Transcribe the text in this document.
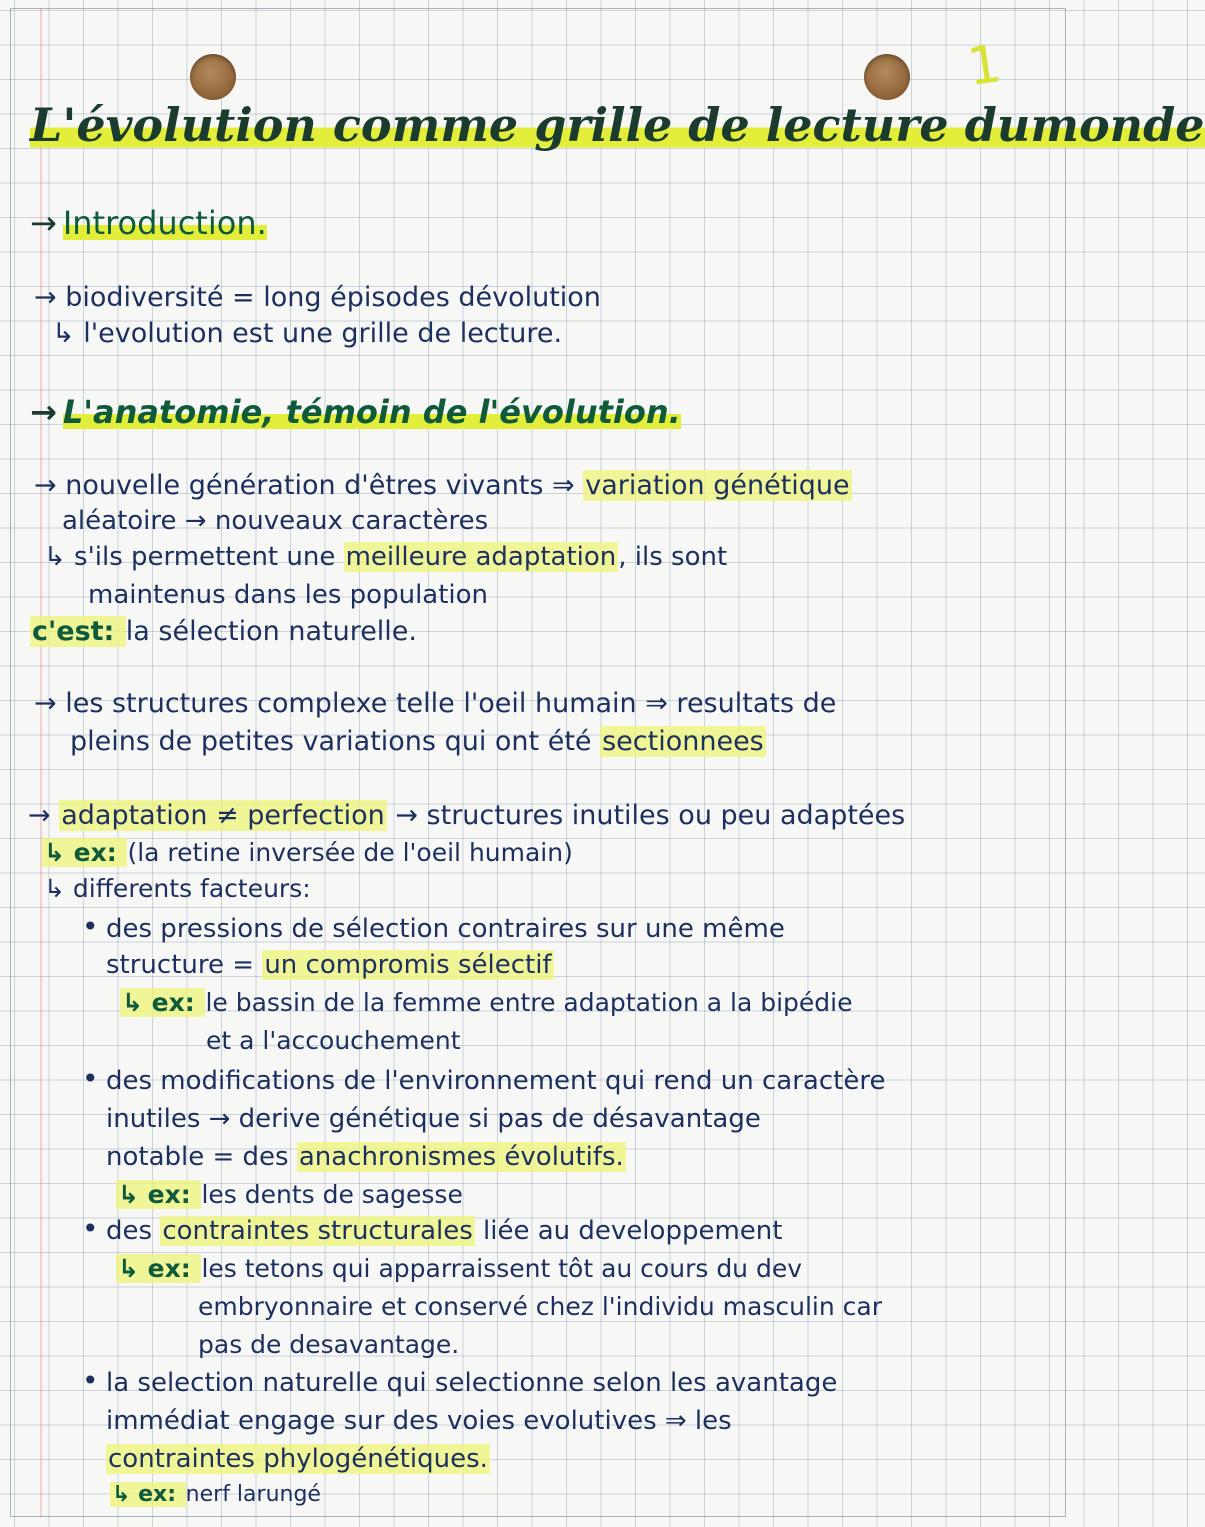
1
L'évolution comme grille de lecture dumonde
→ Introduction.
→ biodiversité = long épisodes dévolution
↳ l'evolution est une grille de lecture.
→ L'anatomie, témoin de l'évolution.
→ nouvelle génération d'êtres vivants ⇒ variation génétique
aléatoire → nouveaux caractères
↳ s'ils permettent une meilleure adaptation, ils sont
maintenus dans les population
c'est: la sélection naturelle.
→ les structures complexe telle l'oeil humain ⇒ resultats de
pleins de petites variations qui ont été sectionnees
→ adaptation ≠ perfection → structures inutiles ou peu adaptées
↳ ex: (la retine inversée de l'oeil humain)
↳ differents facteurs:
• des pressions de sélection contraires sur une même
structure = un compromis sélectif
↳ ex: le bassin de la femme entre adaptation a la bipédie
et a l'accouchement
• des modifications de l'environnement qui rend un caractère
inutiles → derive génétique si pas de désavantage
notable = des anachronismes évolutifs.
↳ ex: les dents de sagesse
• des contraintes structurales liée au developpement
↳ ex: les tetons qui apparraissent tôt au cours du dev
embryonnaire et conservé chez l'individu masculin car
pas de desavantage.
• la selection naturelle qui selectionne selon les avantage
immédiat engage sur des voies evolutives ⇒ les
contraintes phylogénétiques.
↳ ex: nerf larungé
